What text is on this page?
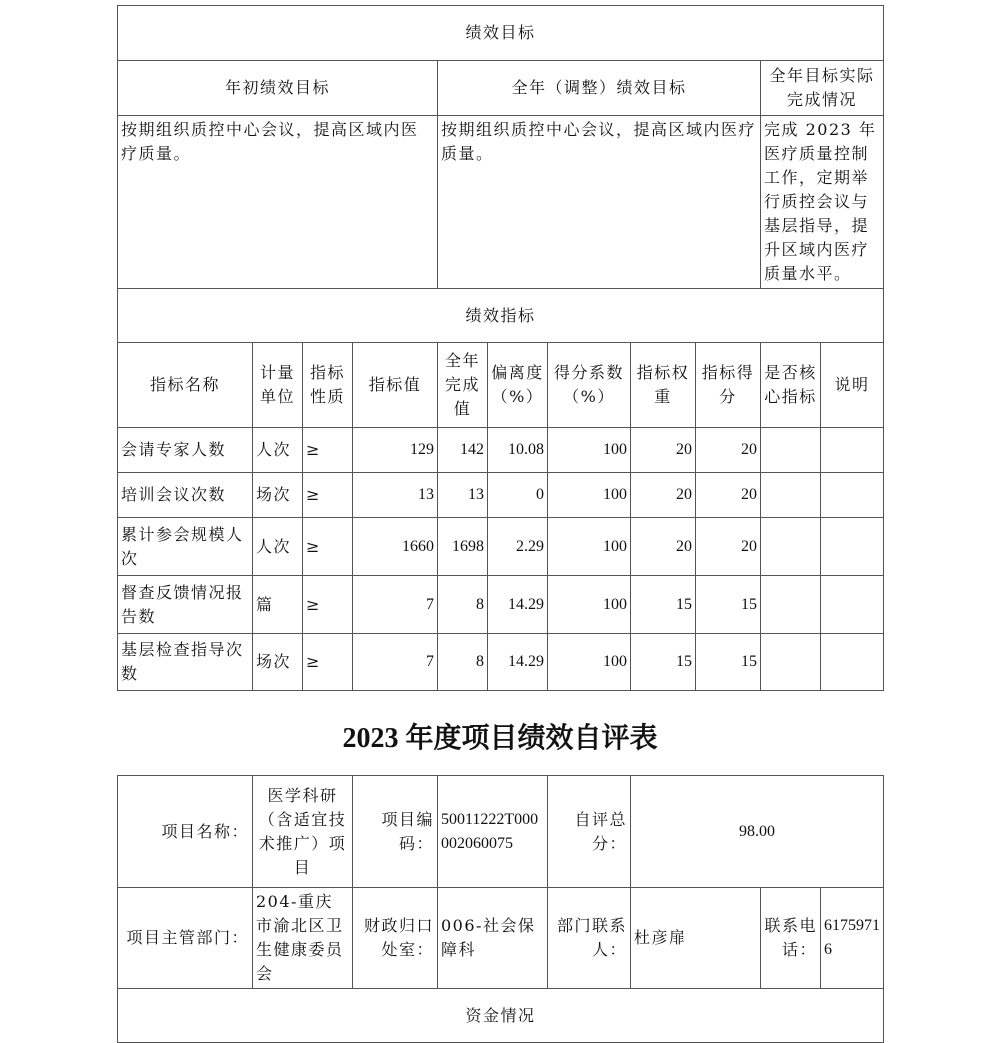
绩效目标										
年初绩效目标				全年（调整）绩效目标					全年目标实际完成情况	
按期组织质控中心会议，提高区域内医疗质量。				按期组织质控中心会议，提高区域内医疗质量。					完成 2023 年医疗质量控制工作，定期举行质控会议与基层指导，提升区域内医疗质量水平。	
绩效指标										
指标名称	计量单位	指标性质	指标值	全年完成值	偏离度（%）	得分系数（%）	指标权重	指标得分	是否核心指标	说明
会请专家人数	人次	≥	129	142	10.08	100	20	20		
培训会议次数	场次	≥	13	13	0	100	20	20		
累计参会规模人次	人次	≥	1660	1698	2.29	100	20	20		
督查反馈情况报告数	篇	≥	7	8	14.29	100	15	15		
基层检查指导次数	场次	≥	7	8	14.29	100	15	15		
2023 年度项目绩效自评表
项目名称：	医学科研（含适宜技术推广）项目	项目编码：	50011222T000002060075	自评总分：	98.00		
项目主管部门：	204-重庆市渝北区卫生健康委员会	财政归口处室：	006-社会保障科	部门联系人：	杜彦扉	联系电话：	61759716
资金情况							
